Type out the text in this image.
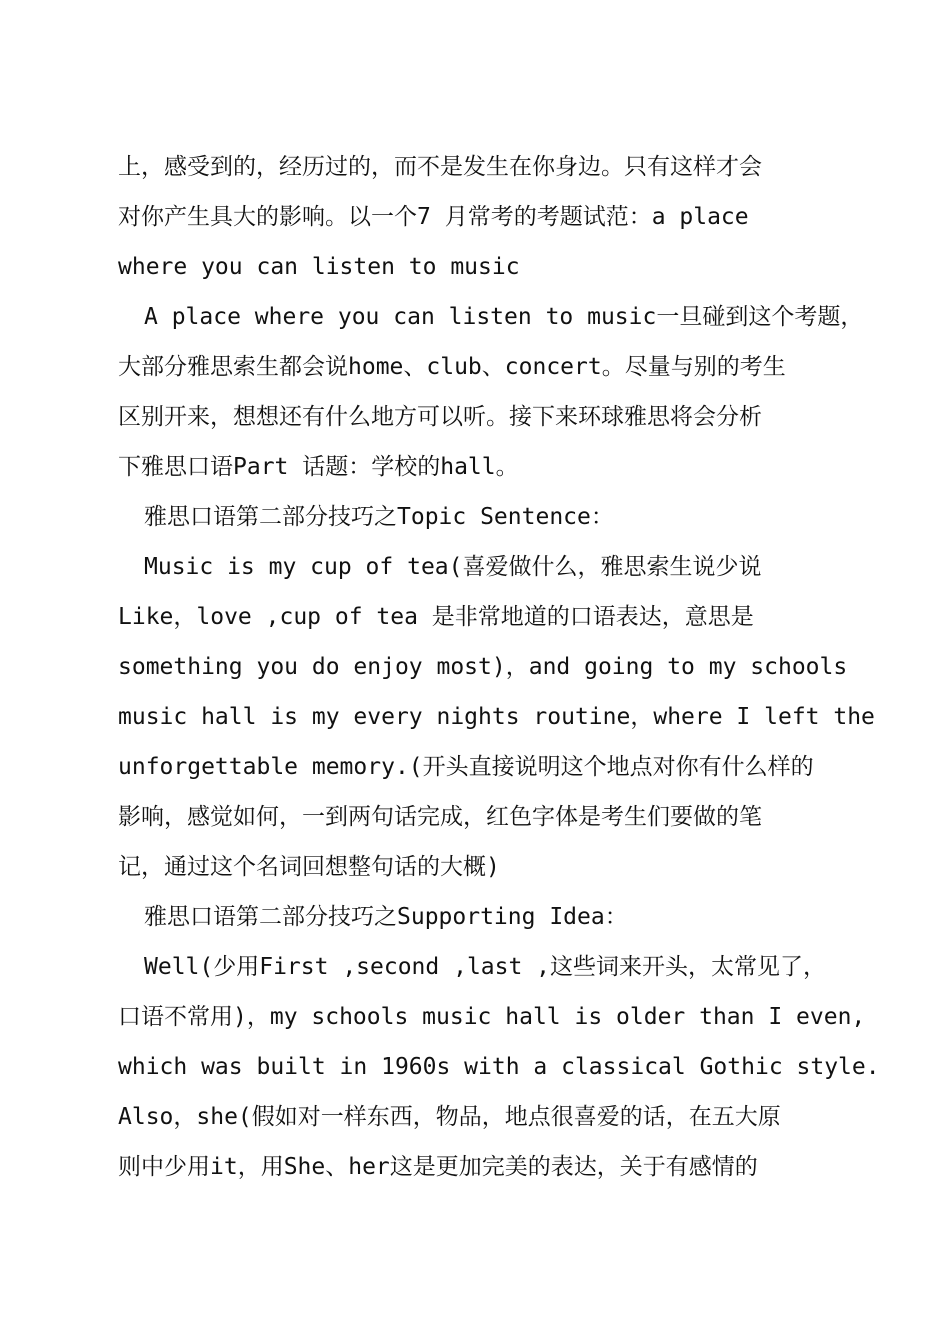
上，感受到的，经历过的，而不是发生在你身边。只有这样才会
对你产生具大的影响。以一个7 月常考的考题试范：a place
where you can listen to music
A place where you can listen to music一旦碰到这个考题，
大部分雅思索生都会说home、club、concert。尽量与别的考生
区别开来，想想还有什么地方可以听。接下来环球雅思将会分析
下雅思口语Part 话题：学校的hall。
雅思口语第二部分技巧之Topic Sentence：
Music is my cup of tea(喜爱做什么，雅思索生说少说
Like，love ,cup of tea 是非常地道的口语表达，意思是
something you do enjoy most)，and going to my schools
music hall is my every nights routine，where I left the
unforgettable memory.(开头直接说明这个地点对你有什么样的
影响，感觉如何，一到两句话完成，红色字体是考生们要做的笔
记，通过这个名词回想整句话的大概)
雅思口语第二部分技巧之Supporting Idea：
Well(少用First ,second ,last ,这些词来开头，太常见了，
口语不常用)，my schools music hall is older than I even,
which was built in 1960s with a classical Gothic style.
Also，she(假如对一样东西，物品，地点很喜爱的话，在五大原
则中少用it，用She、her这是更加完美的表达，关于有感情的
